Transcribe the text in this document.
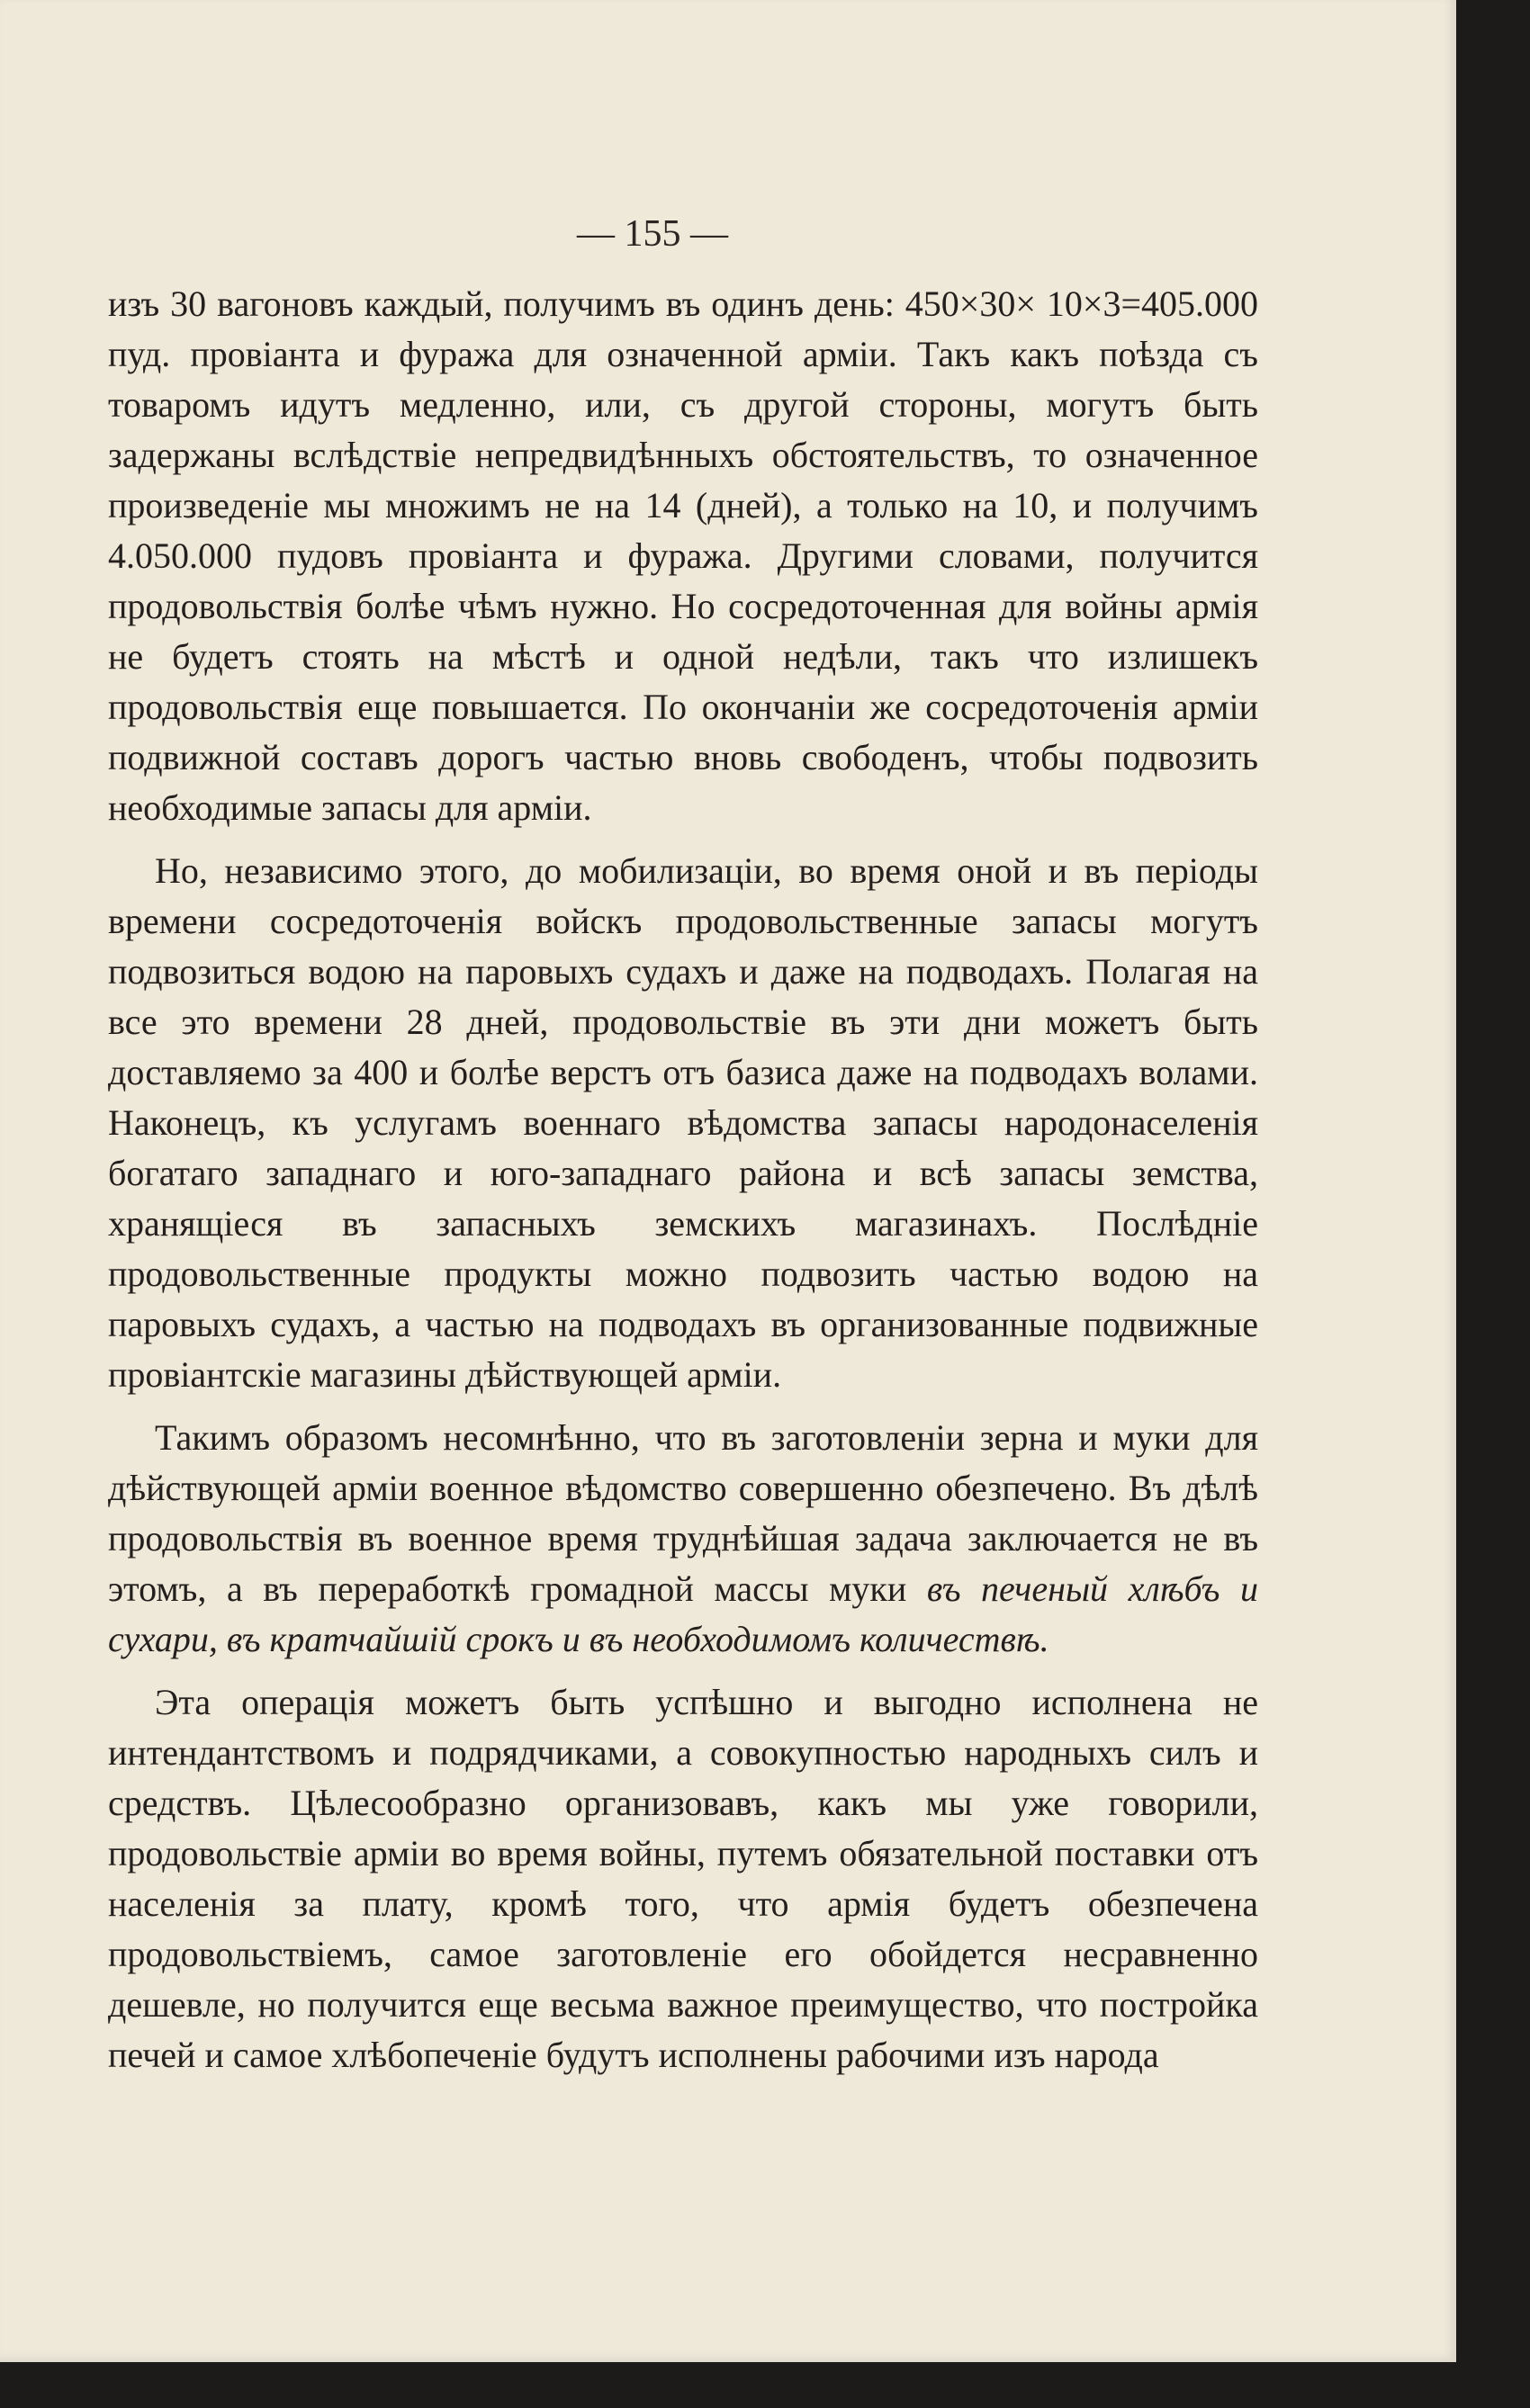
— 155 —

изъ 30 вагоновъ каждый, получимъ въ одинъ день: 450×30× 10×3=405.000 пуд. провіанта и фуража для означенной арміи. Такъ какъ поѣзда съ товаромъ идутъ медленно, или, съ другой стороны, могутъ быть задержаны вслѣдствіе непредвидѣнныхъ обстоятельствъ, то означенное произведеніе мы множимъ не на 14 (дней), а только на 10, и получимъ 4.050.000 пудовъ провіанта и фуража. Другими словами, получится продовольствія болѣе чѣмъ нужно. Но сосредоточенная для войны армія не будетъ стоять на мѣстѣ и одной недѣли, такъ что излишекъ продовольствія еще повышается. По окончаніи же сосредоточенія арміи подвижной составъ дорогъ частью вновь свободенъ, чтобы подвозить необходимые запасы для арміи.

Но, независимо этого, до мобилизаціи, во время оной и въ періоды времени сосредоточенія войскъ продовольственные запасы могутъ подвозиться водою на паровыхъ судахъ и даже на подводахъ. Полагая на все это времени 28 дней, продовольствіе въ эти дни можетъ быть доставляемо за 400 и болѣе верстъ отъ базиса даже на подводахъ волами. Наконецъ, къ услугамъ военнаго вѣдомства запасы народонаселенія богатаго западнаго и юго-западнаго района и всѣ запасы земства, хранящіеся въ запасныхъ земскихъ магазинахъ. Послѣдніе продовольственные продукты можно подвозить частью водою на паровыхъ судахъ, а частью на подводахъ въ организованные подвижные провіантскіе магазины дѣйствующей арміи.

Такимъ образомъ несомнѣнно, что въ заготовленіи зерна и муки для дѣйствующей арміи военное вѣдомство совершенно обезпечено. Въ дѣлѣ продовольствія въ военное время труднѣйшая задача заключается не въ этомъ, а въ переработкѣ громадной массы муки въ печеный хлѣбъ и сухари, въ кратчайшій срокъ и въ необходимомъ количествѣ.

Эта операція можетъ быть успѣшно и выгодно исполнена не интендантствомъ и подрядчиками, а совокупностью народныхъ силъ и средствъ. Цѣлесообразно организовавъ, какъ мы уже говорили, продовольствіе арміи во время войны, путемъ обязательной поставки отъ населенія за плату, кромѣ того, что армія будетъ обезпечена продовольствіемъ, самое заготовленіе его обойдется несравненно дешевле, но получится еще весьма важное преимущество, что постройка печей и самое хлѣбопеченіе будутъ исполнены рабочими изъ народа
